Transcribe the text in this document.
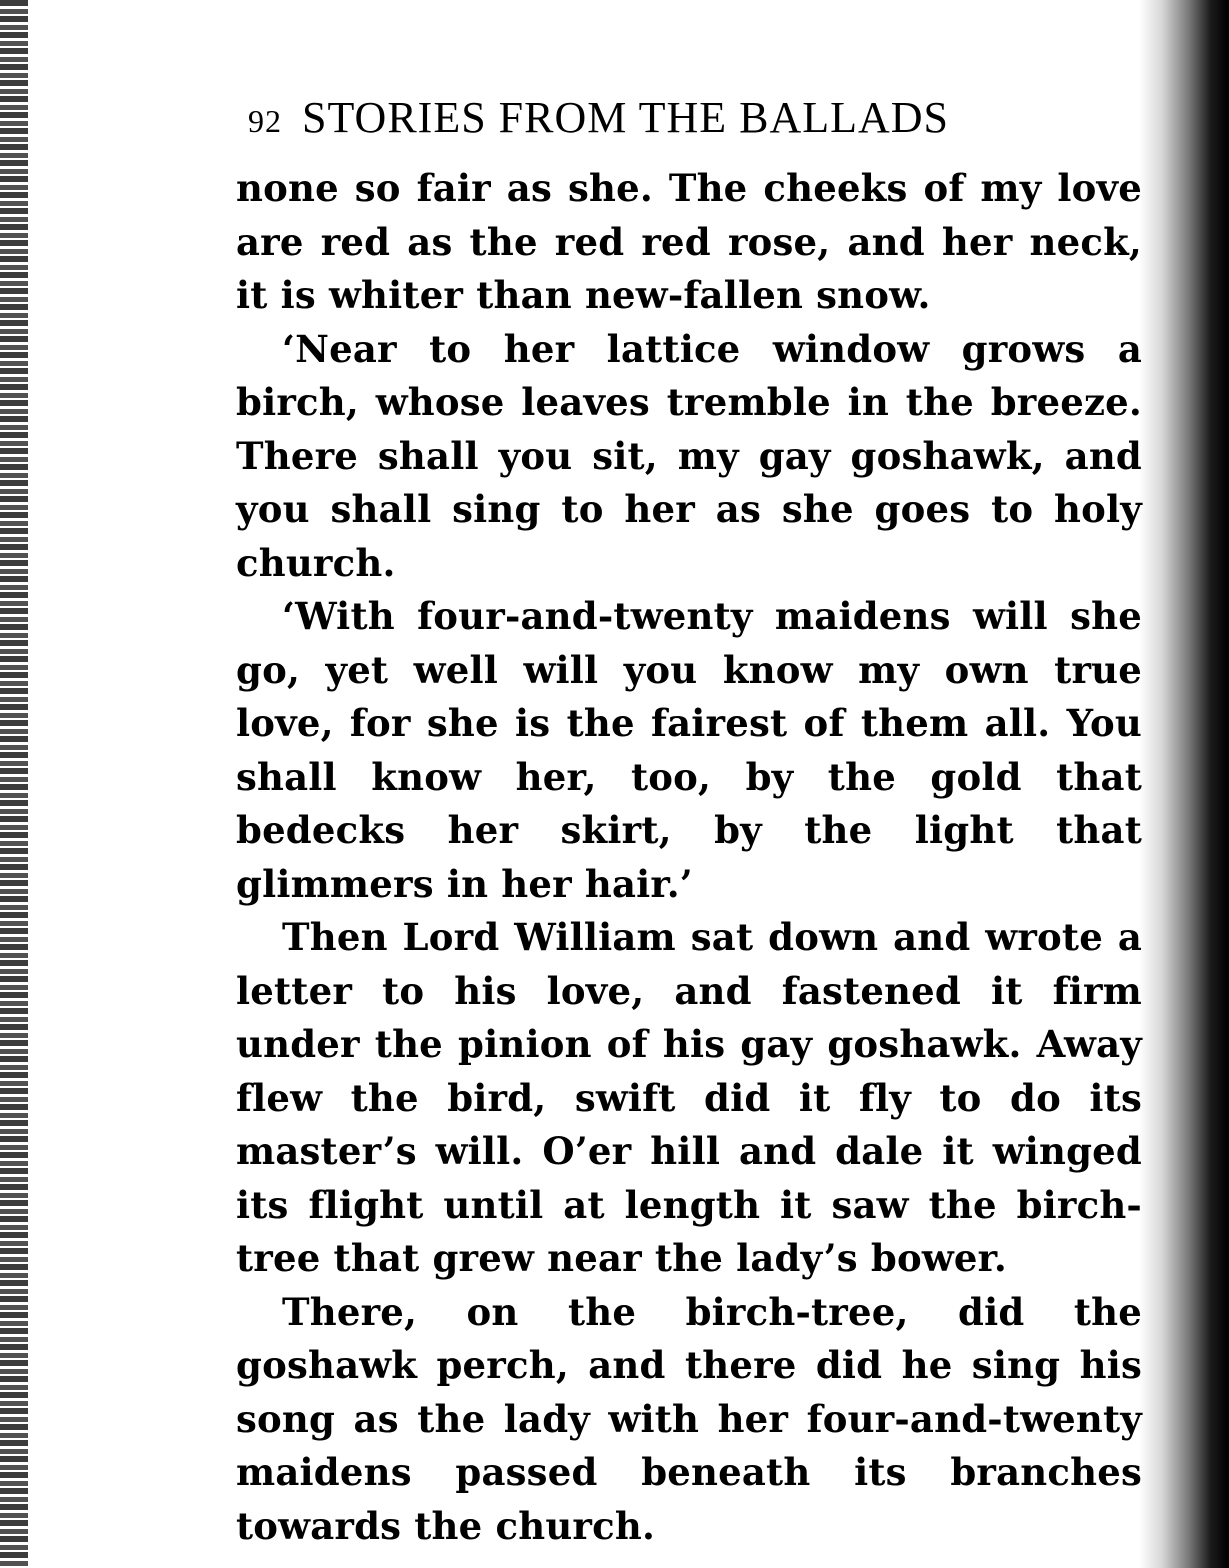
92 STORIES FROM THE BALLADS

none so fair as she. The cheeks of my love are red as the red red rose, and her neck, it is whiter than new-fallen snow.

‘Near to her lattice window grows a birch, whose leaves tremble in the breeze. There shall you sit, my gay goshawk, and you shall sing to her as she goes to holy church.

‘With four-and-twenty maidens will she go, yet well will you know my own true love, for she is the fairest of them all. You shall know her, too, by the gold that bedecks her skirt, by the light that glimmers in her hair.’

Then Lord William sat down and wrote a letter to his love, and fastened it firm under the pinion of his gay goshawk. Away flew the bird, swift did it fly to do its master’s will. O’er hill and dale it winged its flight until at length it saw the birch-tree that grew near the lady’s bower.

There, on the birch-tree, did the goshawk perch, and there did he sing his song as the lady with her four-and-twenty maidens passed beneath its branches towards the church.
